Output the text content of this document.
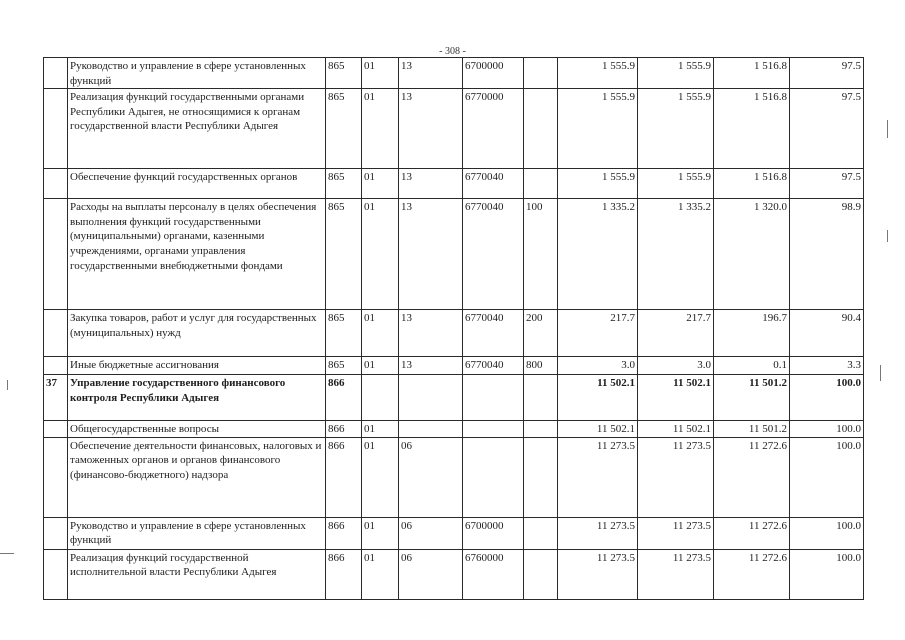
- 308 -
	Руководство и управление в сфере установленных функций	865	01	13	6700000		1 555.9	1 555.9	1 516.8	97.5
	Реализация функций государственными органами Республики Адыгея, не относящимися к органам государственной власти Республики Адыгея	865	01	13	6770000		1 555.9	1 555.9	1 516.8	97.5
	Обеспечение функций государственных органов	865	01	13	6770040		1 555.9	1 555.9	1 516.8	97.5
	Расходы на выплаты персоналу в целях обеспечения выполнения функций государственными (муниципальными) органами, казенными учреждениями, органами управления государственными внебюджетными фондами	865	01	13	6770040	100	1 335.2	1 335.2	1 320.0	98.9
	Закупка товаров, работ и услуг для государственных (муниципальных) нужд	865	01	13	6770040	200	217.7	217.7	196.7	90.4
	Иные бюджетные ассигнования	865	01	13	6770040	800	3.0	3.0	0.1	3.3
37	Управление государственного финансового контроля Республики Адыгея	866					11 502.1	11 502.1	11 501.2	100.0
	Общегосударственные вопросы	866	01				11 502.1	11 502.1	11 501.2	100.0
	Обеспечение деятельности финансовых, налоговых и таможенных органов и органов финансового (финансово-бюджетного) надзора	866	01	06			11 273.5	11 273.5	11 272.6	100.0
	Руководство и управление в сфере установленных функций	866	01	06	6700000		11 273.5	11 273.5	11 272.6	100.0
	Реализация функций государственной исполнительной власти Республики Адыгея	866	01	06	6760000		11 273.5	11 273.5	11 272.6	100.0
